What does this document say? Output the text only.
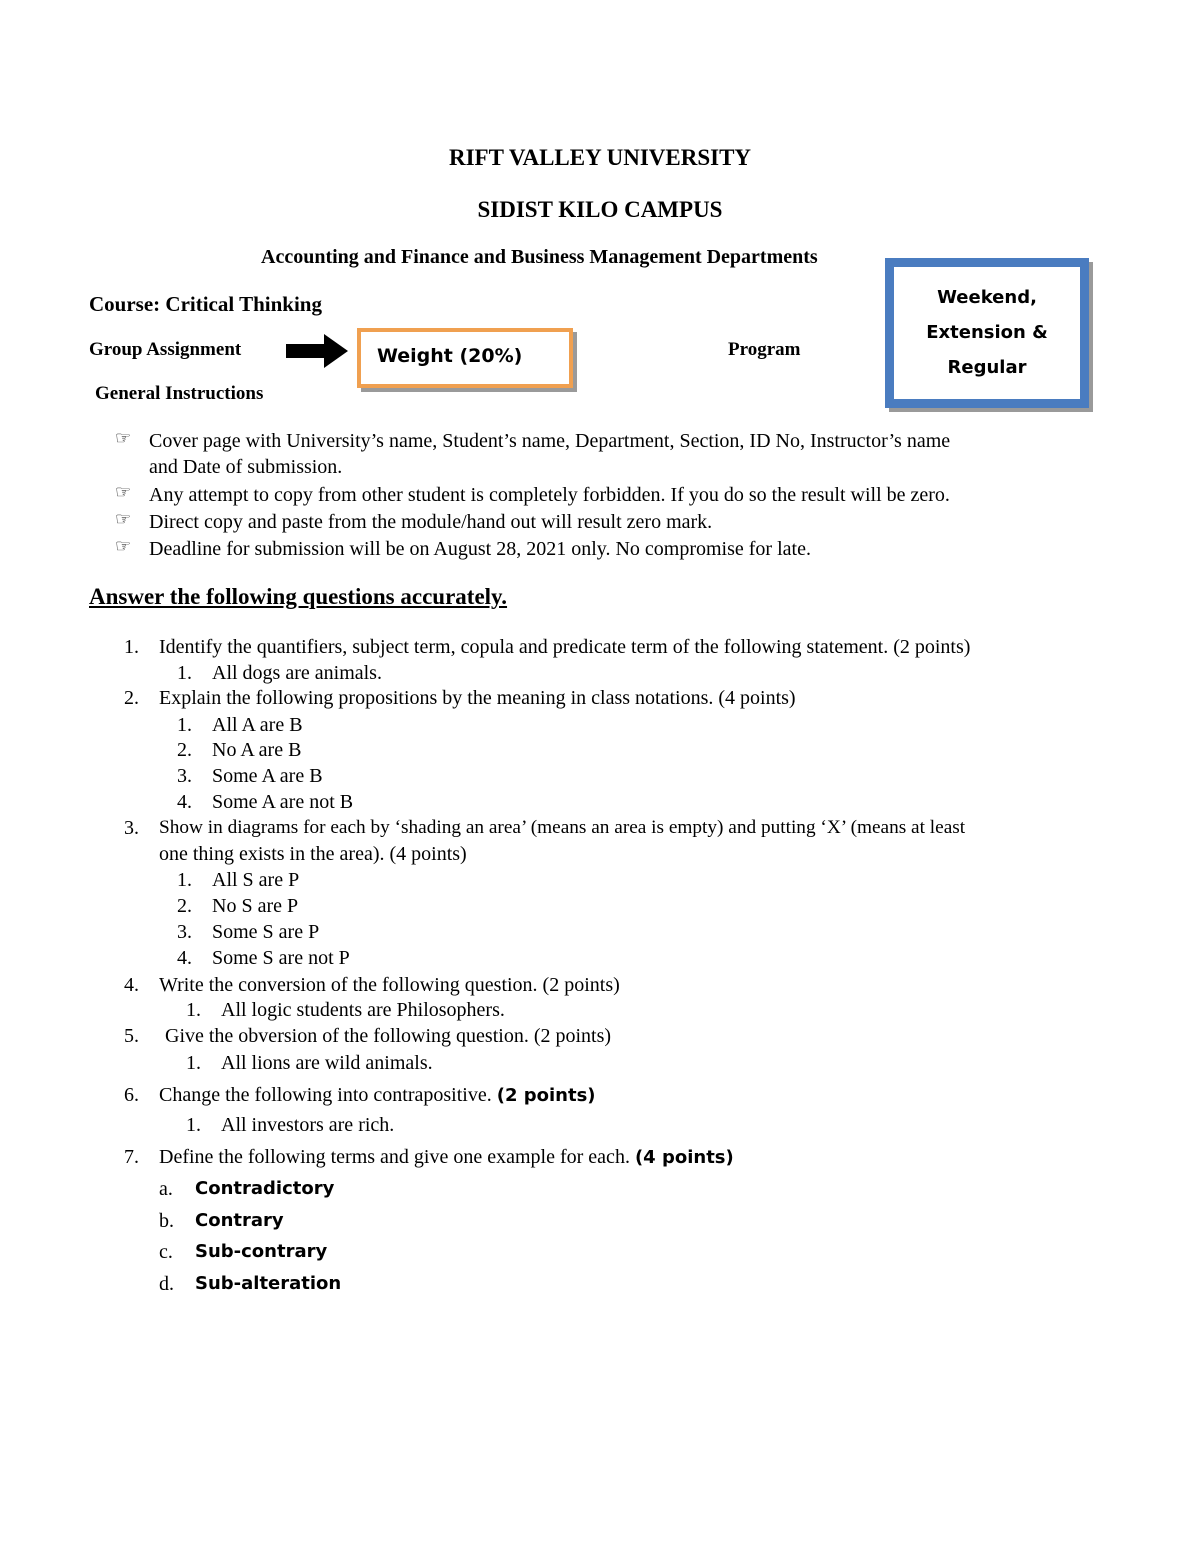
RIFT VALLEY UNIVERSITY
SIDIST KILO CAMPUS
Accounting and Finance and Business Management Departments
Course: Critical Thinking
Group Assignment	Weight (20%)	Program
Weekend,
Extension &
Regular
General Instructions
☞ Cover page with University’s name, Student’s name, Department, Section, ID No, Instructor’s name
and Date of submission.
☞ Any attempt to copy from other student is completely forbidden. If you do so the result will be zero.
☞ Direct copy and paste from the module/hand out will result zero mark.
☞ Deadline for submission will be on August 28, 2021 only. No compromise for late.
Answer the following questions accurately.
1. Identify the quantifiers, subject term, copula and predicate term of the following statement. (2 points)
1. All dogs are animals.
2. Explain the following propositions by the meaning in class notations. (4 points)
1. All A are B
2. No A are B
3. Some A are B
4. Some A are not B
3. Show in diagrams for each by ‘shading an area’ (means an area is empty) and putting ‘X’ (means at least
one thing exists in the area). (4 points)
1. All S are P
2. No S are P
3. Some S are P
4. Some S are not P
4. Write the conversion of the following question. (2 points)
1. All logic students are Philosophers.
5. Give the obversion of the following question. (2 points)
1. All lions are wild animals.
6. Change the following into contrapositive. (2 points)
1. All investors are rich.
7. Define the following terms and give one example for each. (4 points)
a. Contradictory
b. Contrary
c. Sub-contrary
d. Sub-alteration
